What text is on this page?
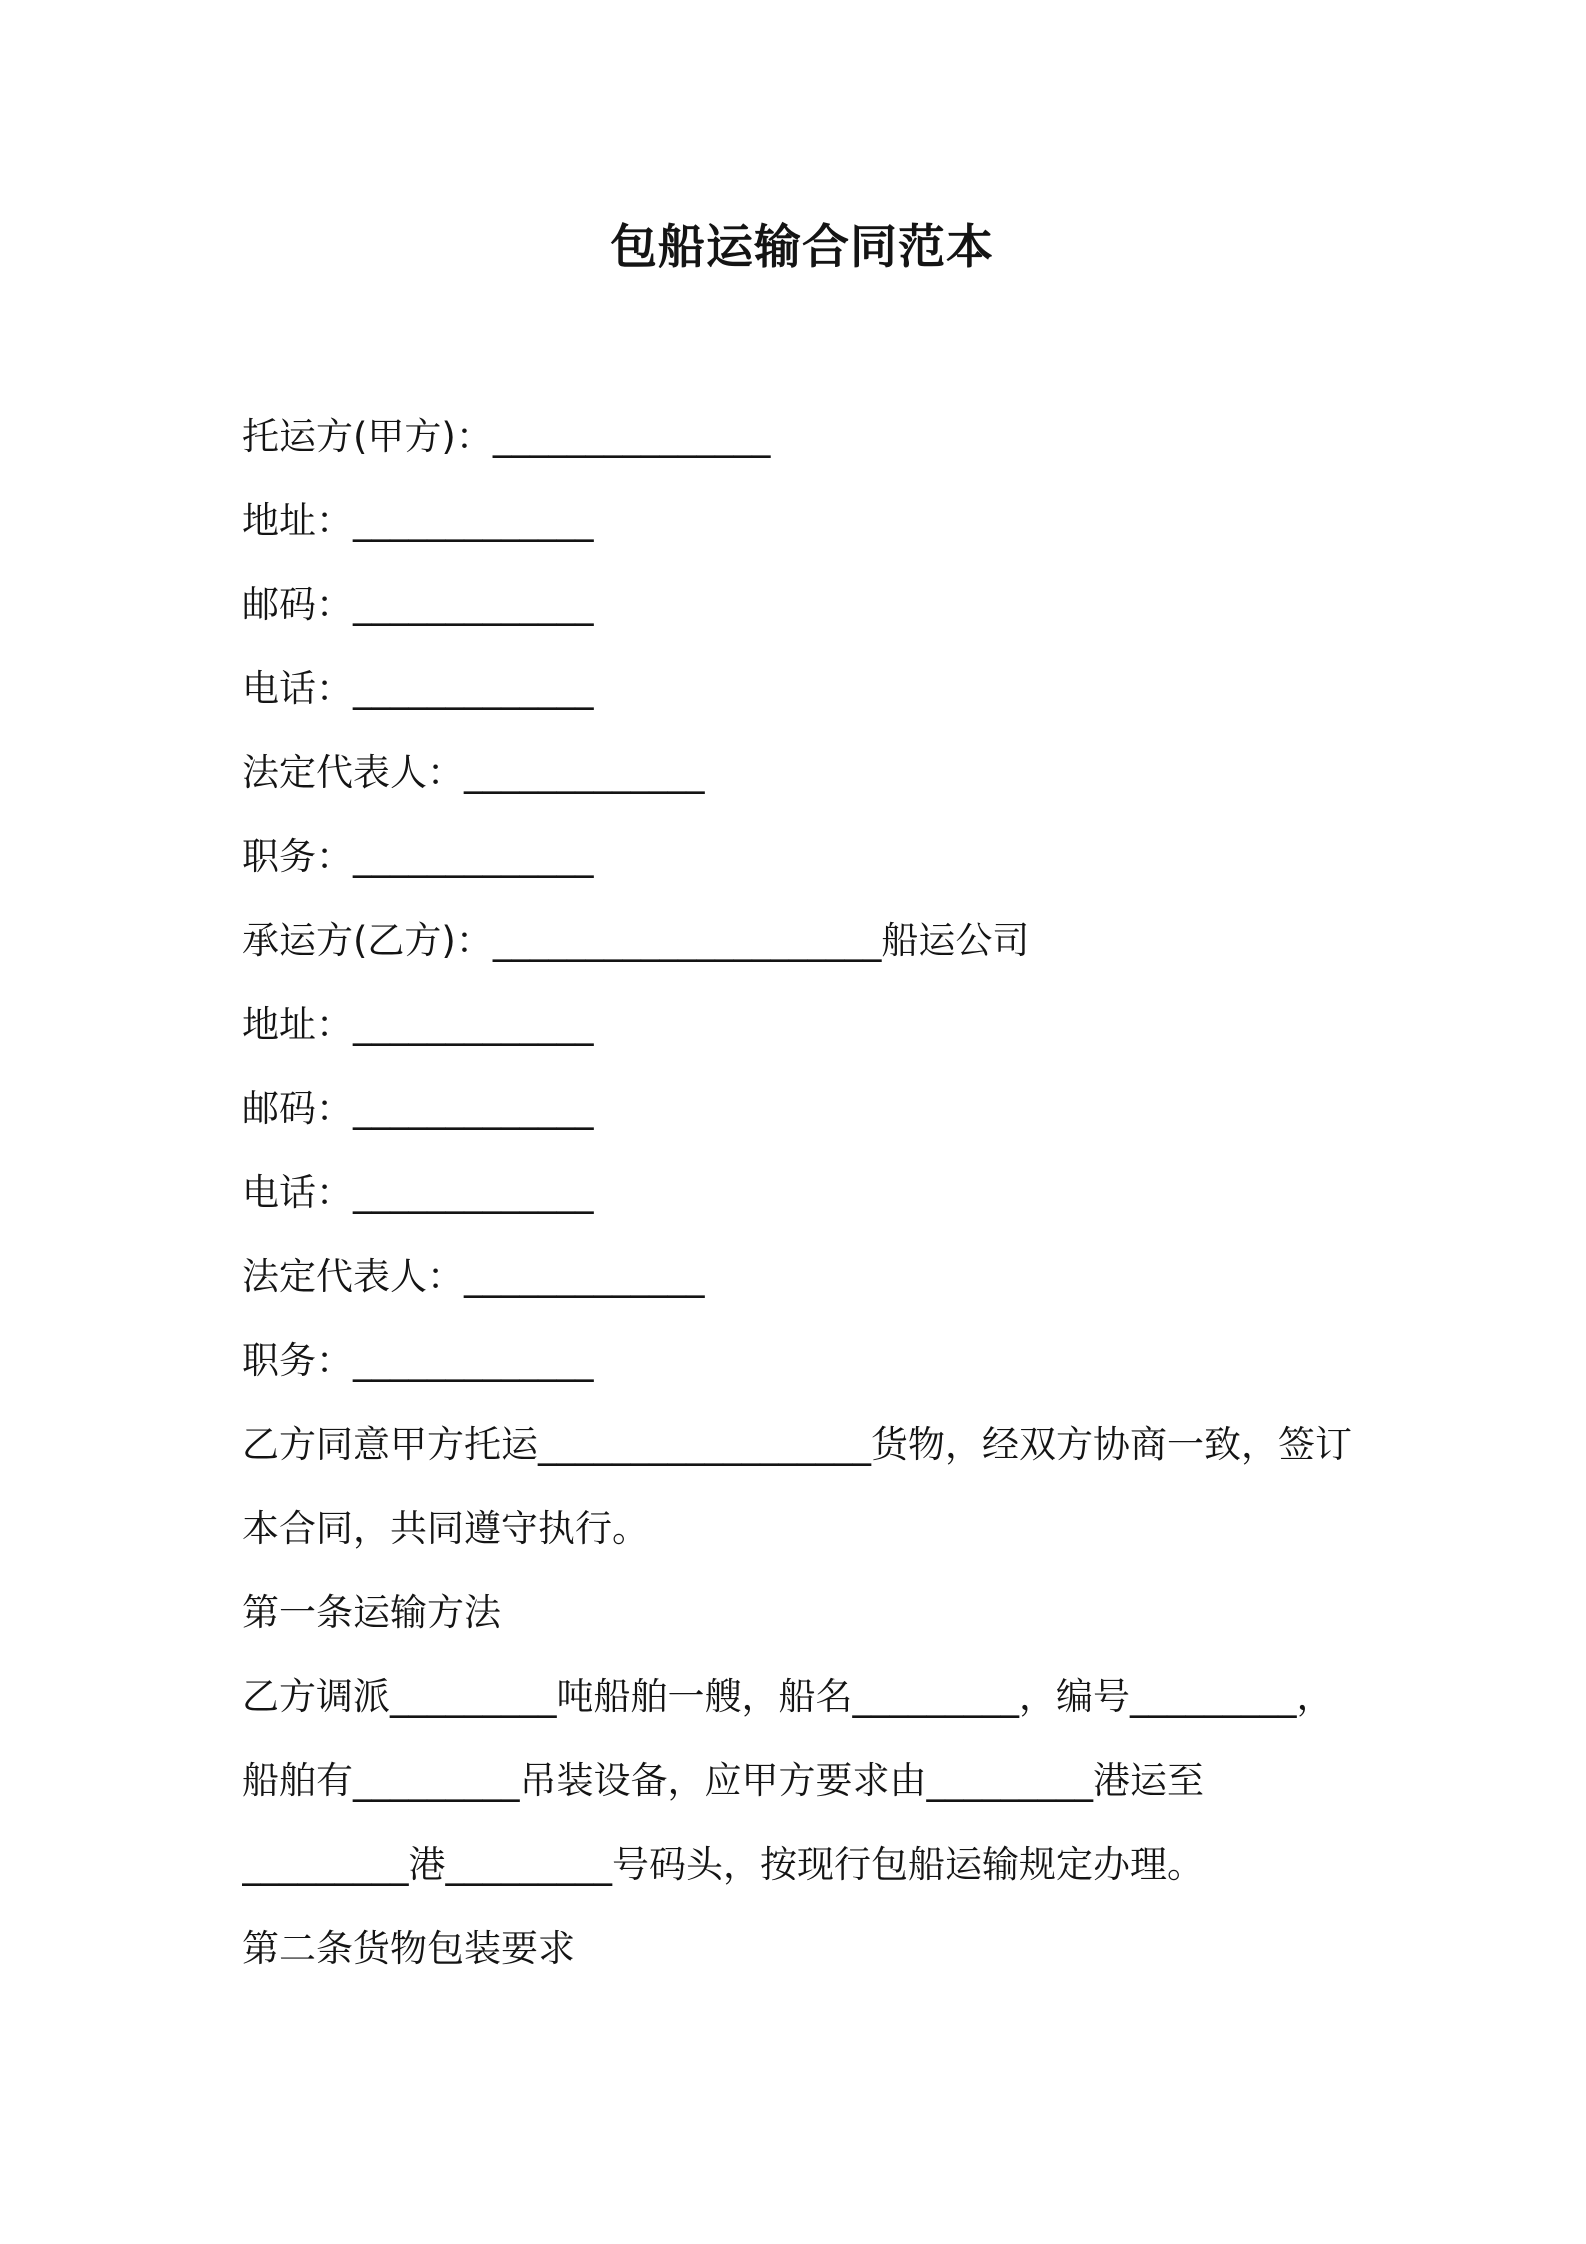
包船运输合同范本
托运方(甲方)：_______________
地址：_____________
邮码：_____________
电话：_____________
法定代表人：_____________
职务：_____________
承运方(乙方)：_____________________船运公司
地址：_____________
邮码：_____________
电话：_____________
法定代表人：_____________
职务：_____________
乙方同意甲方托运__________________货物，经双方协商一致，签订
本合同，共同遵守执行。
第一条运输方法
乙方调派_________吨船舶一艘，船名_________，编号_________，
船舶有_________吊装设备，应甲方要求由_________港运至
_________港_________号码头，按现行包船运输规定办理。
第二条货物包装要求
